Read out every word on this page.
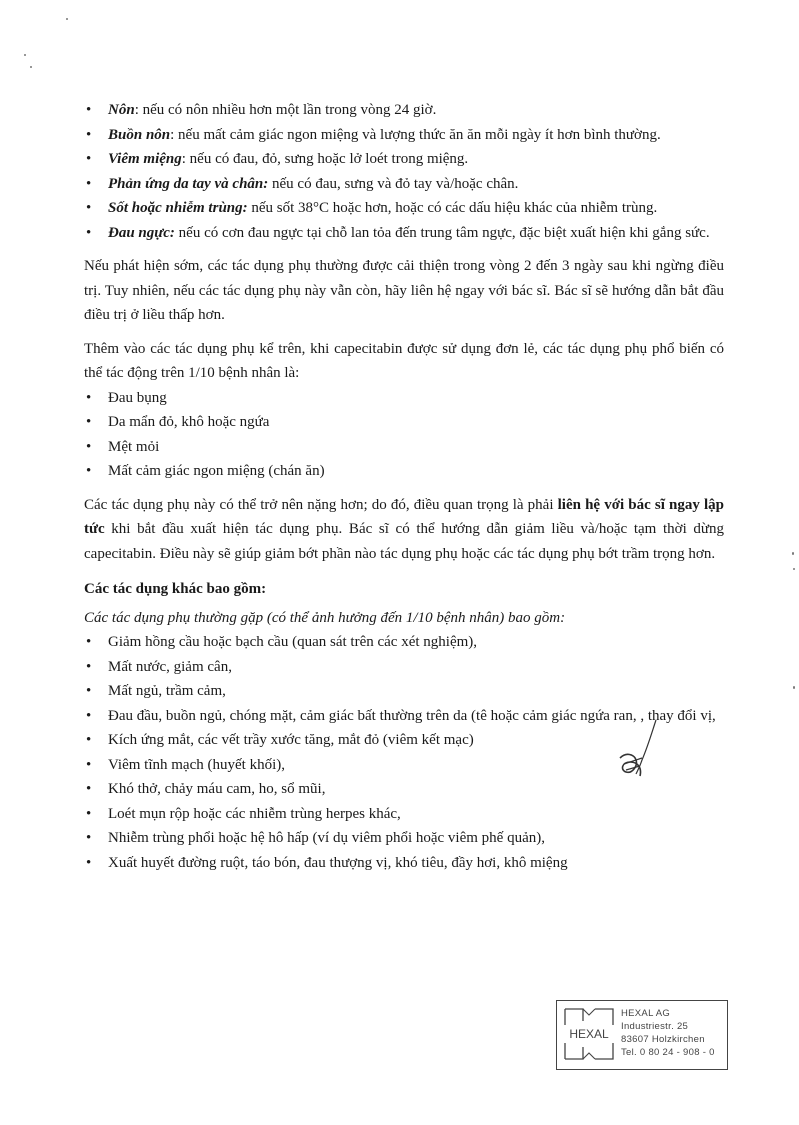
• Nôn: nếu có nôn nhiều hơn một lần trong vòng 24 giờ.
• Buồn nôn: nếu mất cảm giác ngon miệng và lượng thức ăn ăn mỗi ngày ít hơn bình thường.
• Viêm miệng: nếu có đau, đỏ, sưng hoặc lở loét trong miệng.
• Phản ứng da tay và chân: nếu có đau, sưng và đỏ tay và/hoặc chân.
• Sốt hoặc nhiễm trùng: nếu sốt 38°C hoặc hơn, hoặc có các dấu hiệu khác của nhiễm trùng.
• Đau ngực: nếu có cơn đau ngực tại chỗ lan tỏa đến trung tâm ngực, đặc biệt xuất hiện khi gắng sức.

Nếu phát hiện sớm, các tác dụng phụ thường được cải thiện trong vòng 2 đến 3 ngày sau khi ngừng điều trị. Tuy nhiên, nếu các tác dụng phụ này vẫn còn, hãy liên hệ ngay với bác sĩ. Bác sĩ sẽ hướng dẫn bắt đầu điều trị ở liều thấp hơn.

Thêm vào các tác dụng phụ kể trên, khi capecitabin được sử dụng đơn lẻ, các tác dụng phụ phổ biến có thể tác động trên 1/10 bệnh nhân là:

• Đau bụng
• Da mẩn đỏ, khô hoặc ngứa
• Mệt mỏi
• Mất cảm giác ngon miệng (chán ăn)

Các tác dụng phụ này có thể trở nên nặng hơn; do đó, điều quan trọng là phải liên hệ với bác sĩ ngay lập tức khi bắt đầu xuất hiện tác dụng phụ. Bác sĩ có thể hướng dẫn giảm liều và/hoặc tạm thời dừng capecitabin. Điều này sẽ giúp giảm bớt phần nào tác dụng phụ hoặc các tác dụng phụ bớt trầm trọng hơn.

Các tác dụng khác bao gồm:
Các tác dụng phụ thường gặp (có thể ảnh hưởng đến 1/10 bệnh nhân) bao gồm:
• Giảm hồng cầu hoặc bạch cầu (quan sát trên các xét nghiệm),
• Mất nước, giảm cân,
• Mất ngủ, trầm cảm,
• Đau đầu, buồn ngủ, chóng mặt, cảm giác bất thường trên da (tê hoặc cảm giác ngứa ran, , thay đổi vị,
• Kích ứng mắt, các vết trầy xước tăng, mắt đỏ (viêm kết mạc)
• Viêm tĩnh mạch (huyết khối),
• Khó thở, chảy máu cam, ho, sổ mũi,
• Loét mụn rộp hoặc các nhiễm trùng herpes khác,
• Nhiễm trùng phổi hoặc hệ hô hấp (ví dụ viêm phổi hoặc viêm phế quản),
• Xuất huyết đường ruột, táo bón, đau thượng vị, khó tiêu, đầy hơi, khô miệng
HEXAL
HEXAL AG
Industriestr. 25
83607 Holzkirchen
Tel. 0 80 24 - 908 - 0
